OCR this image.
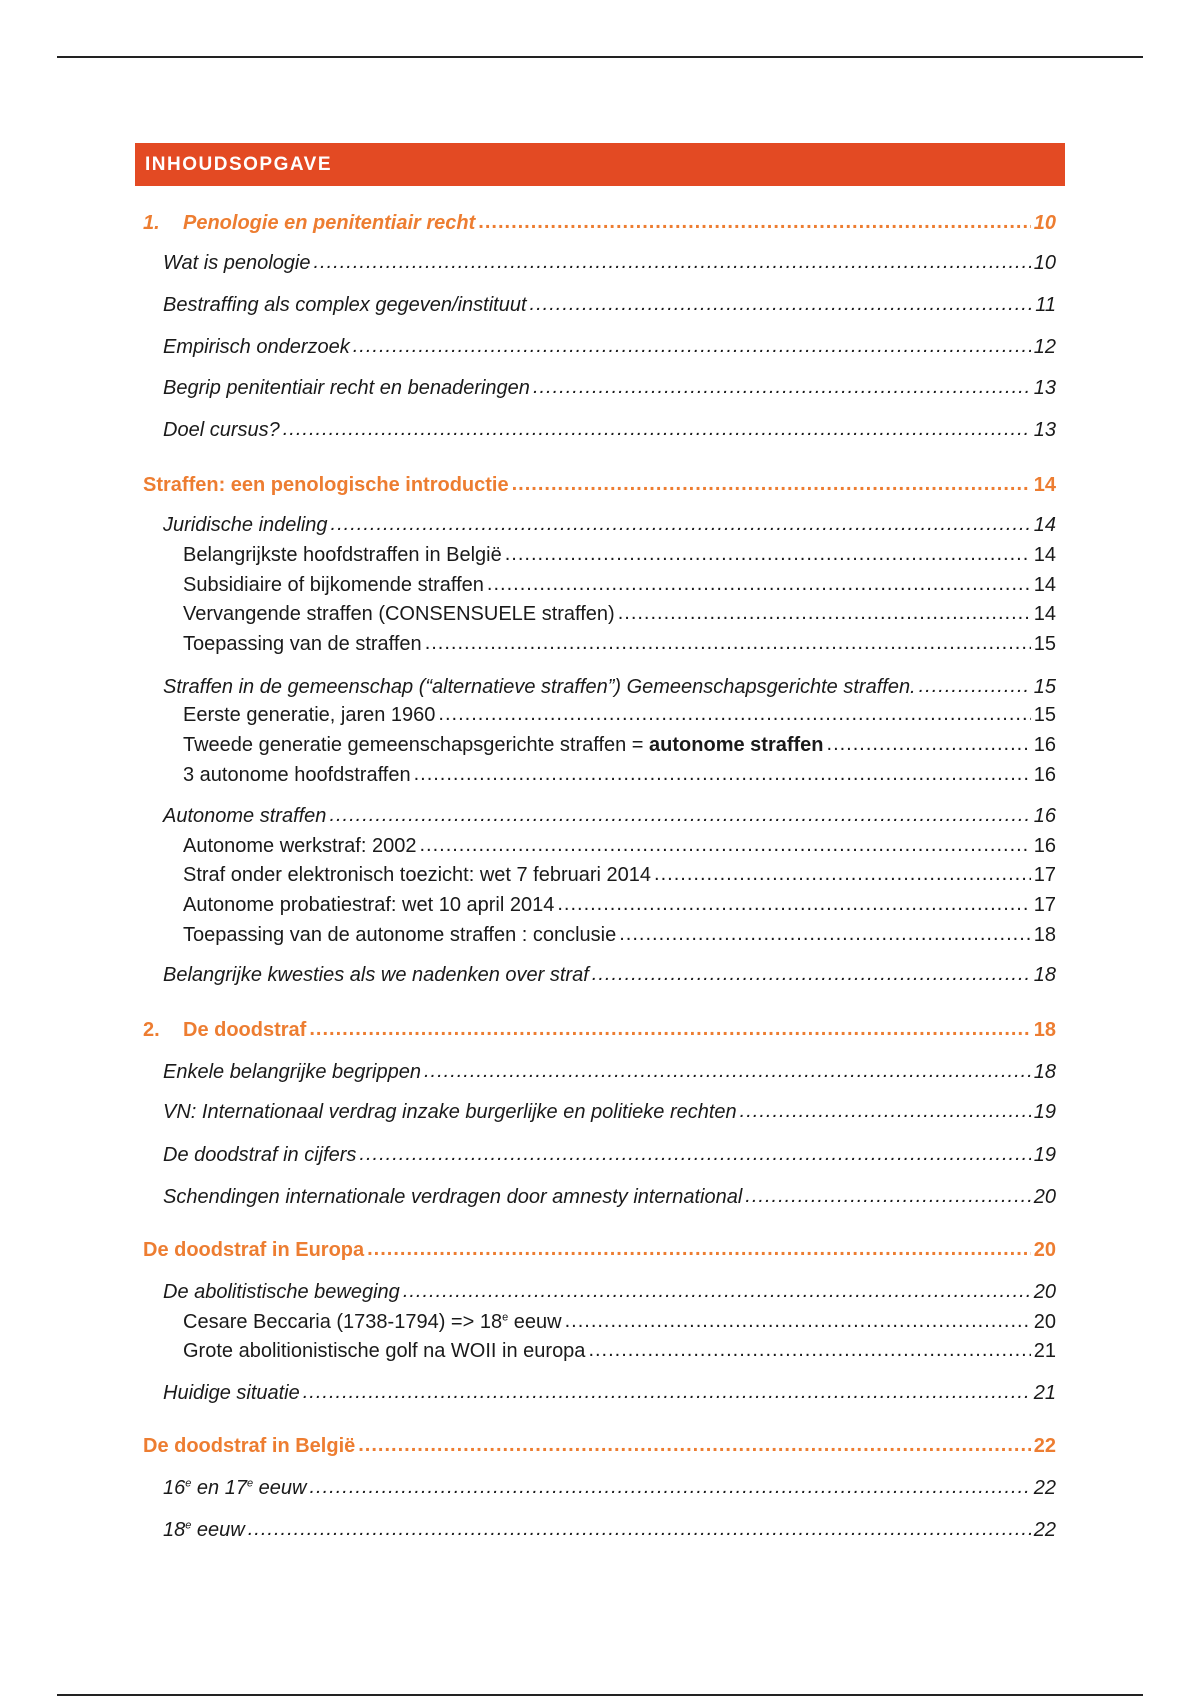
INHOUDSOPGAVE
1.	Penologie en penitentiair recht .....	10
Wat is penologie .....	10
Bestraffing als complex gegeven/instituut .....	11
Empirisch onderzoek .....	12
Begrip penitentiair recht en benaderingen .....	13
Doel cursus? .....	13
Straffen: een penologische introductie .....	14
Juridische indeling .....	14
Belangrijkste hoofdstraffen in België .....	14
Subsidiaire of bijkomende straffen .....	14
Vervangende straffen (CONSENSUELE straffen) .....	14
Toepassing van de straffen .....	15
Straffen in de gemeenschap (“alternatieve straffen”) Gemeenschapsgerichte straffen. .....	15
Eerste generatie, jaren 1960 .....	15
Tweede generatie gemeenschapsgerichte straffen = autonome straffen .....	16
3 autonome hoofdstraffen .....	16
Autonome straffen .....	16
Autonome werkstraf: 2002 .....	16
Straf onder elektronisch toezicht: wet 7 februari 2014 .....	17
Autonome probatiestraf: wet 10 april 2014 .....	17
Toepassing van de autonome straffen : conclusie .....	18
Belangrijke kwesties als we nadenken over straf .....	18
2.	De doodstraf .....	18
Enkele belangrijke begrippen .....	18
VN: Internationaal verdrag inzake burgerlijke en politieke rechten .....	19
De doodstraf in cijfers .....	19
Schendingen internationale verdragen door amnesty international .....	20
De doodstraf in Europa .....	20
De abolitistische beweging .....	20
Cesare Beccaria $(1738-1794) => 18^e$ eeuw .....	20
Grote abolitionistische golf na WOII in europa .....	21
Huidige situatie .....	21
De doodstraf in België .....	22
16e en 17e eeuw .....	22
18e eeuw .....	22
